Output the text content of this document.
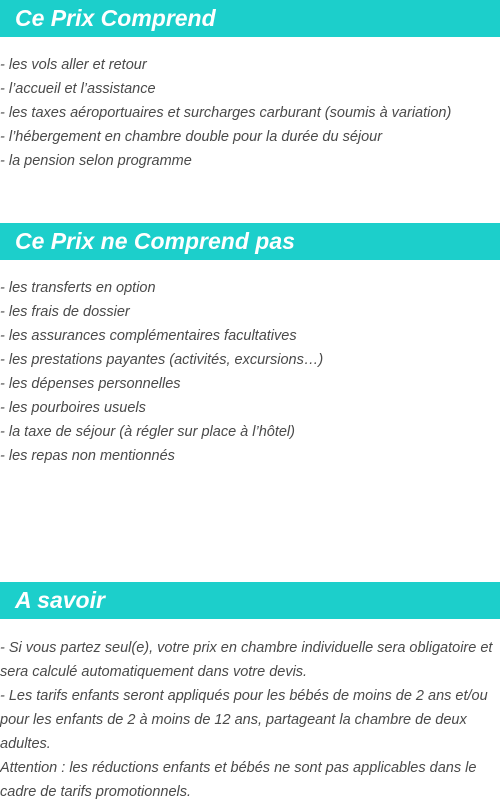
Ce Prix Comprend
- les vols aller et retour
- l’accueil et l’assistance
- les taxes aéroportuaires et surcharges carburant (soumis à variation)
- l’hébergement en chambre double pour la durée du séjour
- la pension selon programme
Ce Prix ne Comprend pas
- les transferts en option
- les frais de dossier
- les assurances complémentaires facultatives
- les prestations payantes (activités, excursions…)
- les dépenses personnelles
- les pourboires usuels
- la taxe de séjour (à régler sur place à l’hôtel)
- les repas non mentionnés
A savoir
- Si vous partez seul(e), votre prix en chambre individuelle sera obligatoire et sera calculé automatiquement dans votre devis.
- Les tarifs enfants seront appliqués pour les bébés de moins de 2 ans et/ou pour les enfants de 2 à moins de 12 ans, partageant la chambre de deux adultes.
Attention : les réductions enfants et bébés ne sont pas applicables dans le cadre de tarifs promotionnels.
